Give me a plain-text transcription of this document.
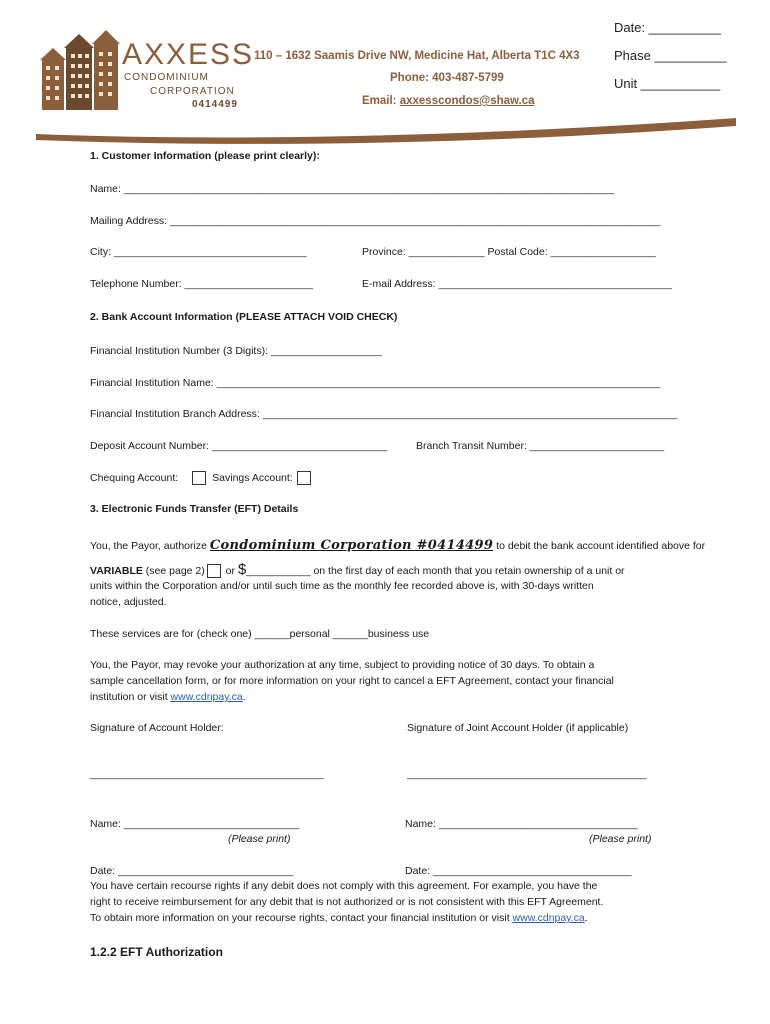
AXXESS
CONDOMINIUM
CORPORATION
0414499
110 – 1632 Saamis Drive NW, Medicine Hat, Alberta T1C 4X3
Phone: 403-487-5799
Email: axxesscondos@shaw.ca
Date: __________
Phase __________
Unit ___________
1. Customer Information (please print clearly):
Name: ____________________________________________________________________________________
Mailing Address: ____________________________________________________________________________________
City: _________________________________	Province: _____________ Postal Code: __________________
Telephone Number: ______________________	E-mail Address: ________________________________________
2. Bank Account Information (PLEASE ATTACH VOID CHECK)
Financial Institution Number (3 Digits): ___________________
Financial Institution Name: ____________________________________________________________________________
Financial Institution Branch Address: _______________________________________________________________________
Deposit Account Number: ______________________________	Branch Transit Number: _______________________
Chequing Account:	Savings Account:
3. Electronic Funds Transfer (EFT) Details
You, the Payor, authorize Condominium Corporation #0414499 to debit the bank account identified above for
VARIABLE (see page 2) or $___________ on the first day of each month that you retain ownership of a unit or
units within the Corporation and/or until such time as the monthly fee recorded above is, with 30-days written
notice, adjusted.
These services are for (check one) ______personal ______business use
You, the Payor, may revoke your authorization at any time, subject to providing notice of 30 days. To obtain a
sample cancellation form, or for more information on your right to cancel a EFT Agreement, contact your financial
institution or visit www.cdnpay.ca.
Signature of Account Holder:	Signature of Joint Account Holder (if applicable)
________________________________________	_________________________________________
Name: ______________________________	Name: __________________________________
(Please print)	(Please print)
Date: ______________________________	Date: __________________________________
You have certain recourse rights if any debit does not comply with this agreement. For example, you have the
right to receive reimbursement for any debit that is not authorized or is not consistent with this EFT Agreement.
To obtain more information on your recourse rights, contact your financial institution or visit www.cdnpay.ca.
1.2.2 EFT Authorization
